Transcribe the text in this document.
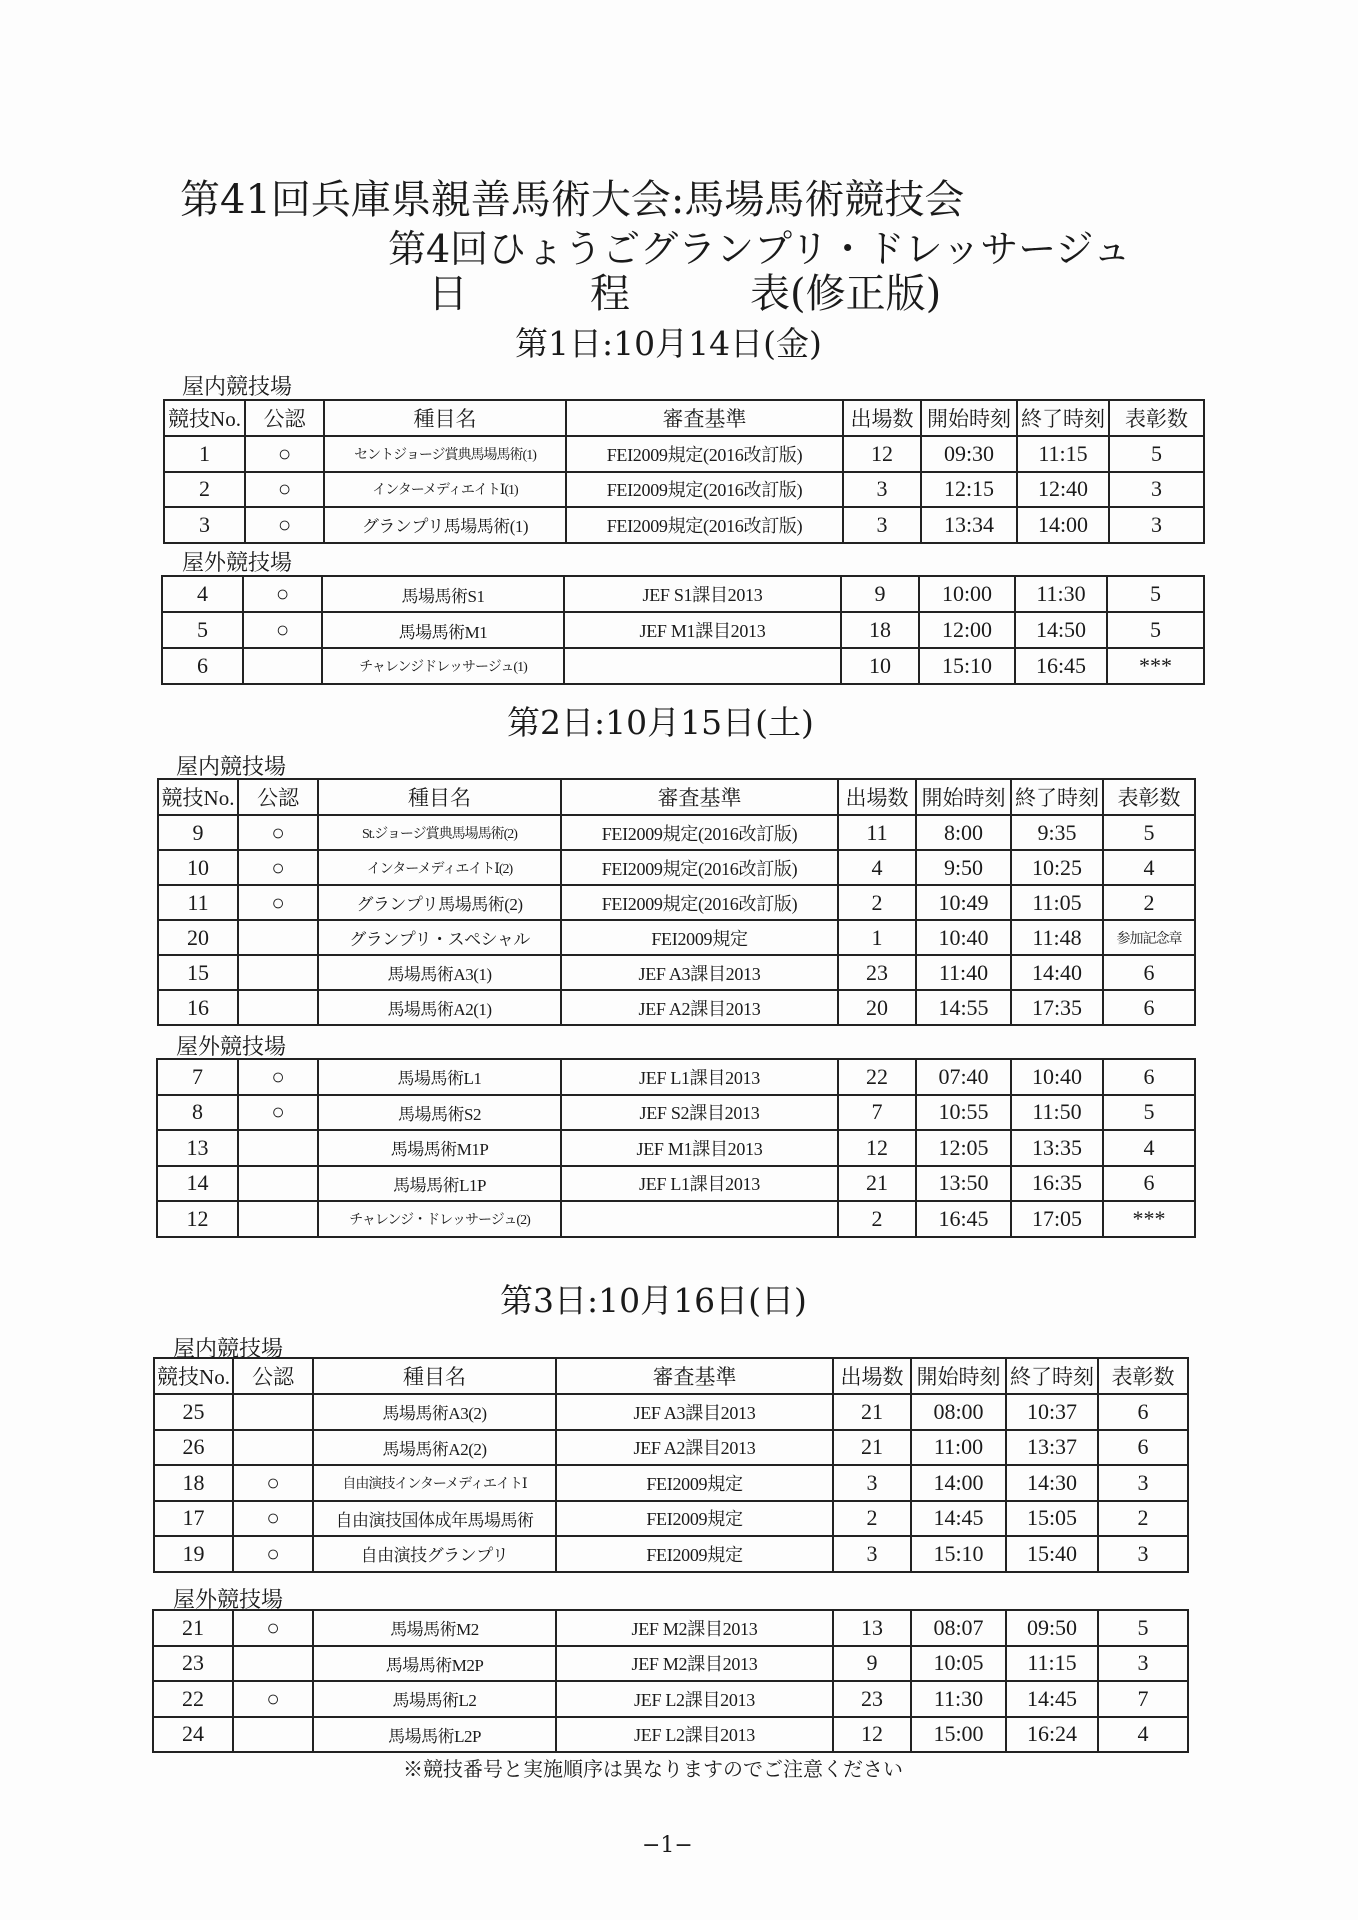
第41回兵庫県親善馬術大会:馬場馬術競技会
第4回ひょうごグランプリ・ドレッサージュ
日	程	表(修正版)
第1日:10月14日(金)
屋内競技場
競技No.	公認	種目名	審査基準	出場数	開始時刻	終了時刻	表彰数
1	○	セントジョージ賞典馬場馬術(1)	FEI2009規定(2016改訂版)	12	09:30	11:15	5
2	○	インターメディエイトⅠ(1)	FEI2009規定(2016改訂版)	3	12:15	12:40	3
3	○	グランプリ馬場馬術(1)	FEI2009規定(2016改訂版)	3	13:34	14:00	3
屋外競技場
4	○	馬場馬術S1	JEF S1課目2013	9	10:00	11:30	5
5	○	馬場馬術M1	JEF M1課目2013	18	12:00	14:50	5
6		チャレンジドレッサージュ(1)		10	15:10	16:45	***
第2日:10月15日(土)
屋内競技場
競技No.	公認	種目名	審査基準	出場数	開始時刻	終了時刻	表彰数
9	○	St.ジョージ賞典馬場馬術(2)	FEI2009規定(2016改訂版)	11	8:00	9:35	5
10	○	インターメディエイトⅠ(2)	FEI2009規定(2016改訂版)	4	9:50	10:25	4
11	○	グランプリ馬場馬術(2)	FEI2009規定(2016改訂版)	2	10:49	11:05	2
20		グランプリ・スペシャル	FEI2009規定	1	10:40	11:48	参加記念章
15		馬場馬術A3(1)	JEF A3課目2013	23	11:40	14:40	6
16		馬場馬術A2(1)	JEF A2課目2013	20	14:55	17:35	6
屋外競技場
7	○	馬場馬術L1	JEF L1課目2013	22	07:40	10:40	6
8	○	馬場馬術S2	JEF S2課目2013	7	10:55	11:50	5
13		馬場馬術M1P	JEF M1課目2013	12	12:05	13:35	4
14		馬場馬術L1P	JEF L1課目2013	21	13:50	16:35	6
12		チャレンジ・ドレッサージュ(2)		2	16:45	17:05	***
第3日:10月16日(日)
屋内競技場
競技No.	公認	種目名	審査基準	出場数	開始時刻	終了時刻	表彰数
25		馬場馬術A3(2)	JEF A3課目2013	21	08:00	10:37	6
26		馬場馬術A2(2)	JEF A2課目2013	21	11:00	13:37	6
18	○	自由演技インターメディエイトⅠ	FEI2009規定	3	14:00	14:30	3
17	○	自由演技国体成年馬場馬術	FEI2009規定	2	14:45	15:05	2
19	○	自由演技グランプリ	FEI2009規定	3	15:10	15:40	3
屋外競技場
21	○	馬場馬術M2	JEF M2課目2013	13	08:07	09:50	5
23		馬場馬術M2P	JEF M2課目2013	9	10:05	11:15	3
22	○	馬場馬術L2	JEF L2課目2013	23	11:30	14:45	7
24		馬場馬術L2P	JEF L2課目2013	12	15:00	16:24	4
※競技番号と実施順序は異なりますのでご注意ください
−1−
